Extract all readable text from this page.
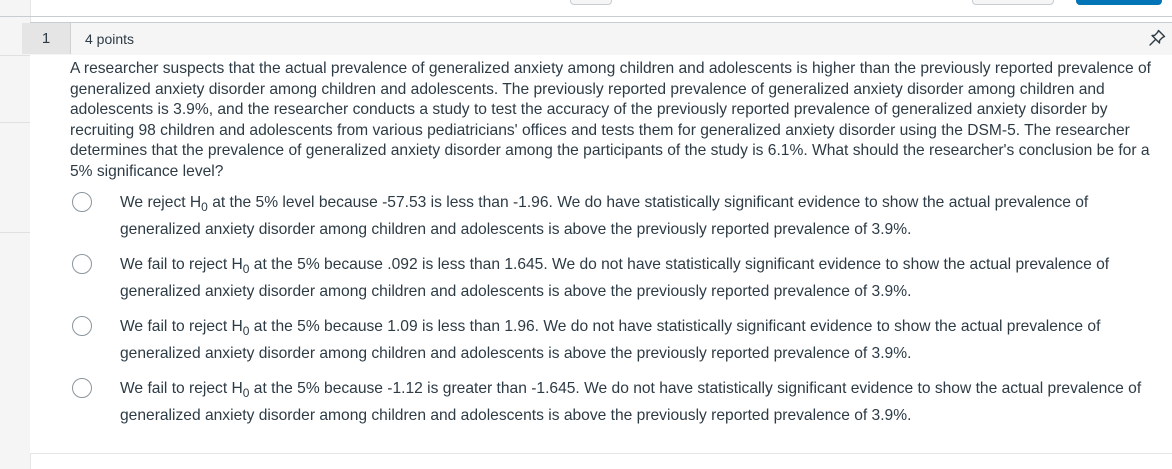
1 4 points

A researcher suspects that the actual prevalence of generalized anxiety among children and adolescents is higher than the previously reported prevalence of generalized anxiety disorder among children and adolescents. The previously reported prevalence of generalized anxiety disorder among children and adolescents is 3.9%, and the researcher conducts a study to test the accuracy of the previously reported prevalence of generalized anxiety disorder by recruiting 98 children and adolescents from various pediatricians' offices and tests them for generalized anxiety disorder using the DSM-5. The researcher determines that the prevalence of generalized anxiety disorder among the participants of the study is 6.1%. What should the researcher's conclusion be for a 5% significance level?

We reject $H_0$ at the 5% level because -57.53 is less than -1.96. We do have statistically significant evidence to show the actual prevalence of generalized anxiety disorder among children and adolescents is above the previously reported prevalence of 3.9%.
We fail to reject $H_0$ at the 5% because .092 is less than 1.645. We do not have statistically significant evidence to show the actual prevalence of generalized anxiety disorder among children and adolescents is above the previously reported prevalence of 3.9%.
We fail to reject $H_0$ at the 5% because 1.09 is less than 1.96. We do not have statistically significant evidence to show the actual prevalence of generalized anxiety disorder among children and adolescents is above the previously reported prevalence of 3.9%.
We fail to reject $H_0$ at the 5% because -1.12 is greater than -1.645. We do not have statistically significant evidence to show the actual prevalence of generalized anxiety disorder among children and adolescents is above the previously reported prevalence of 3.9%.
